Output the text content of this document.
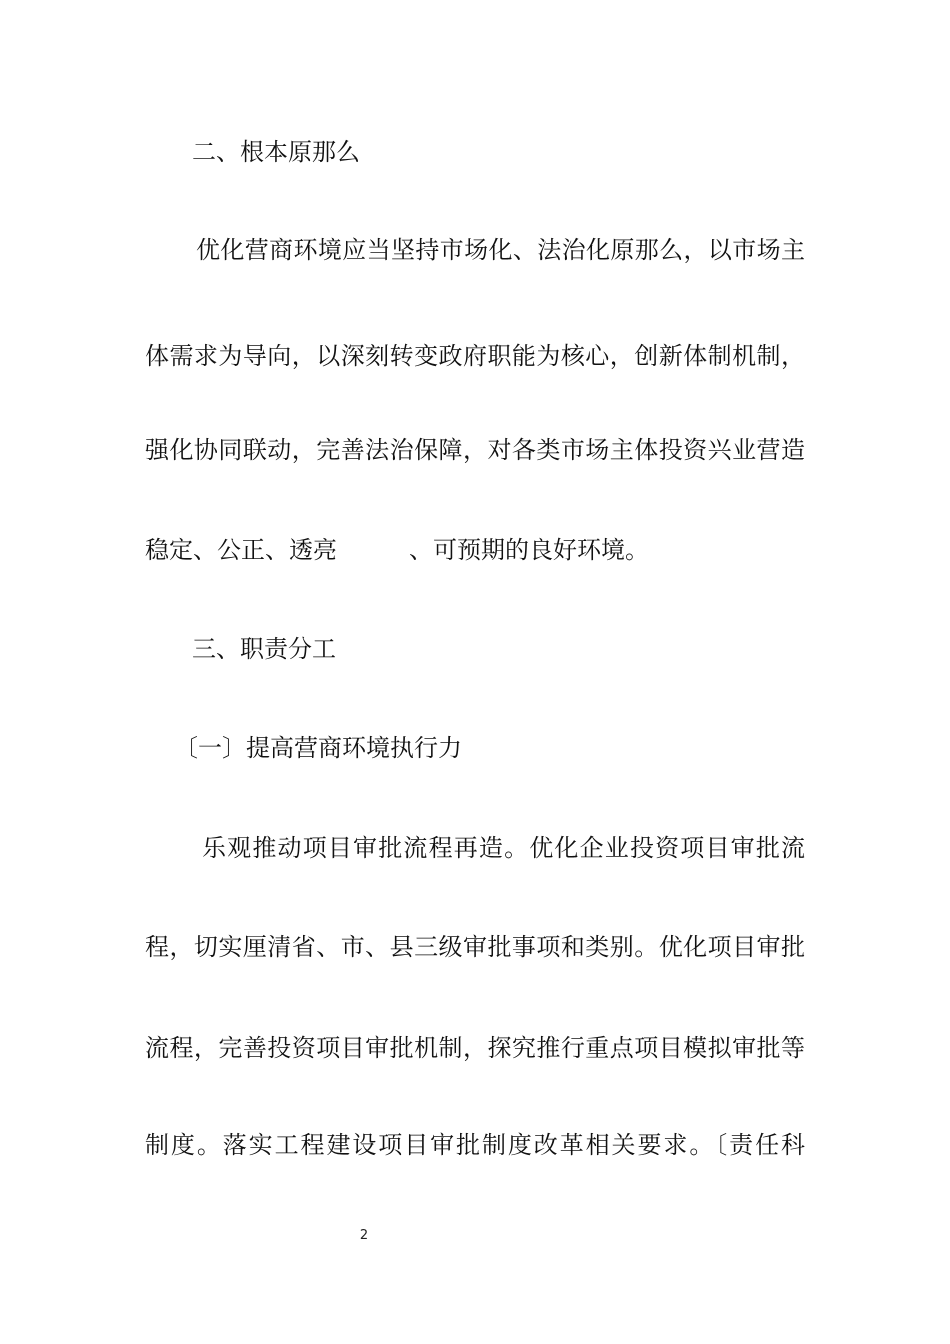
二、根本原那么

优化营商环境应当坚持市场化、法治化原那么，以市场主

体需求为导向，以深刻转变政府职能为核心，创新体制机制，

强化协同联动，完善法治保障，对各类市场主体投资兴业营造

稳定、公正、透亮　　　、可预期的良好环境。

三、职责分工

〔一〕提高营商环境执行力

乐观推动项目审批流程再造。优化企业投资项目审批流

程，切实厘清省、市、县三级审批事项和类别。优化项目审批

流程，完善投资项目审批机制，探究推行重点项目模拟审批等

制度。落实工程建设项目审批制度改革相关要求。〔责任科

2
